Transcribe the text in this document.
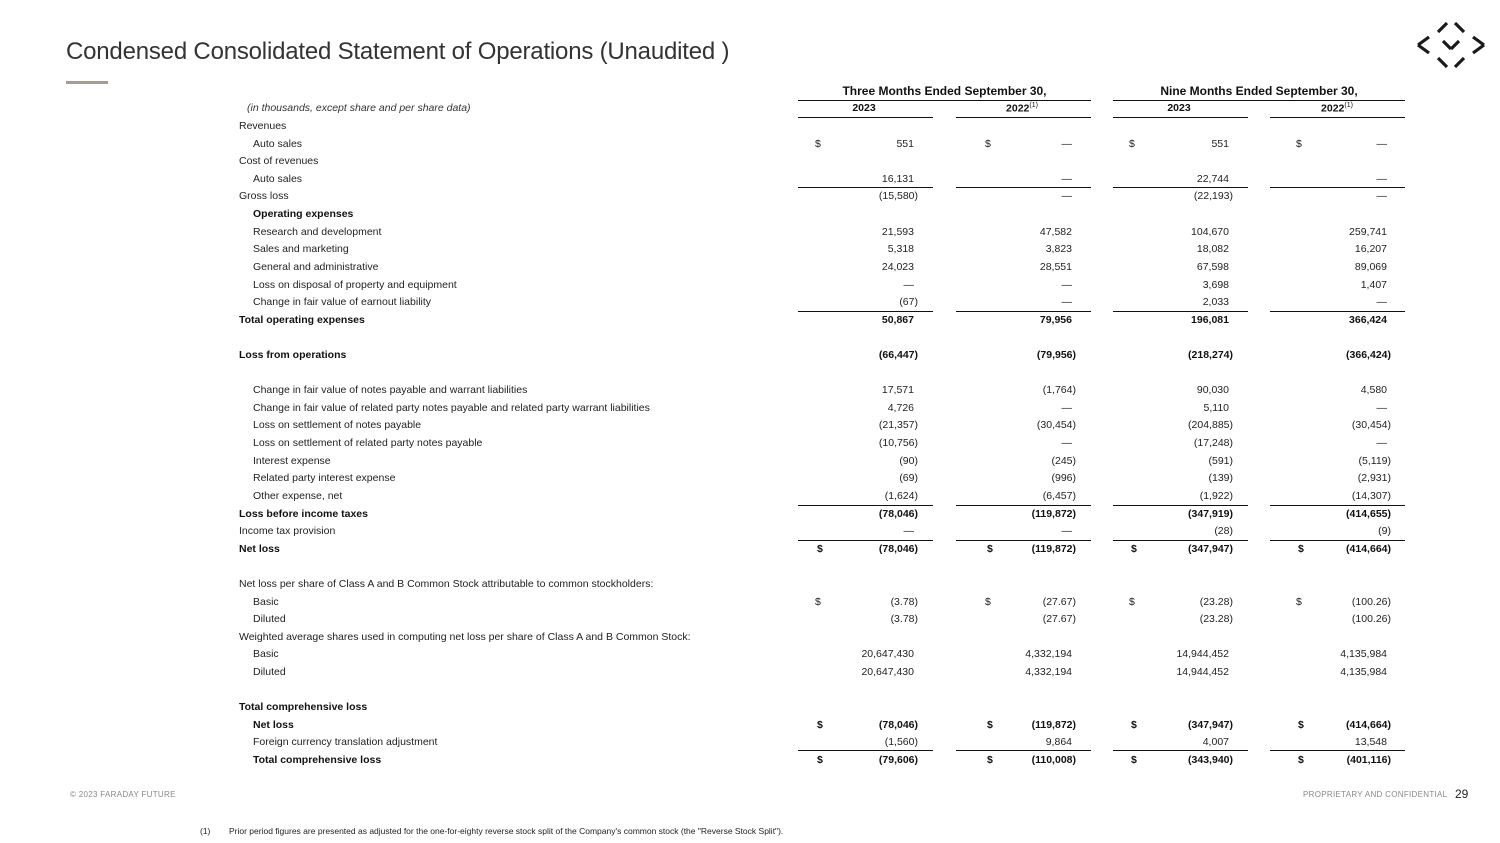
Condensed Consolidated Statement of Operations (Unaudited )
Three Months Ended September 30,	Nine Months Ended September 30,
2023	2022$^{(1)}$	2023	2022$^{(1)}$
(in thousands, except share and per share data)
Revenues
Auto sales	$	551	$	—	$	551	$	—
Cost of revenues
Auto sales	16,131	—	22,744	—
Gross loss	(15,580)	—	(22,193)	—
Operating expenses
Research and development	21,593	47,582	104,670	259,741
Sales and marketing	5,318	3,823	18,082	16,207
General and administrative	24,023	28,551	67,598	89,069
Loss on disposal of property and equipment	—	—	3,698	1,407
Change in fair value of earnout liability	(67)	—	2,033	—
Total operating expenses	50,867	79,956	196,081	366,424
Loss from operations	(66,447)	(79,956)	(218,274)	(366,424)
Change in fair value of notes payable and warrant liabilities	17,571	(1,764)	90,030	4,580
Change in fair value of related party notes payable and related party warrant liabilities	4,726	—	5,110	—
Loss on settlement of notes payable	(21,357)	(30,454)	(204,885)	(30,454)
Loss on settlement of related party notes payable	(10,756)	—	(17,248)	—
Interest expense	(90)	(245)	(591)	(5,119)
Related party interest expense	(69)	(996)	(139)	(2,931)
Other expense, net	(1,624)	(6,457)	(1,922)	(14,307)
Loss before income taxes	(78,046)	(119,872)	(347,919)	(414,655)
Income tax provision	—	—	(28)	(9)
Net loss	$	(78,046)	$	(119,872)	$	(347,947)	$	(414,664)
Net loss per share of Class A and B Common Stock attributable to common stockholders:
Basic	$	(3.78)	$	(27.67)	$	(23.28)	$	(100.26)
Diluted	(3.78)	(27.67)	(23.28)	(100.26)
Weighted average shares used in computing net loss per share of Class A and B Common Stock:
Basic	20,647,430	4,332,194	14,944,452	4,135,984
Diluted	20,647,430	4,332,194	14,944,452	4,135,984
Total comprehensive loss
Net loss	$	(78,046)	$	(119,872)	$	(347,947)	$	(414,664)
Foreign currency translation adjustment	(1,560)	9,864	4,007	13,548
Total comprehensive loss	$	(79,606)	$	(110,008)	$	(343,940)	$	(401,116)
© 2023 FARADAY FUTURE	PROPRIETARY AND CONFIDENTIAL 29
(1) Prior period figures are presented as adjusted for the one-for-eighty reverse stock split of the Company's common stock (the "Reverse Stock Split").
